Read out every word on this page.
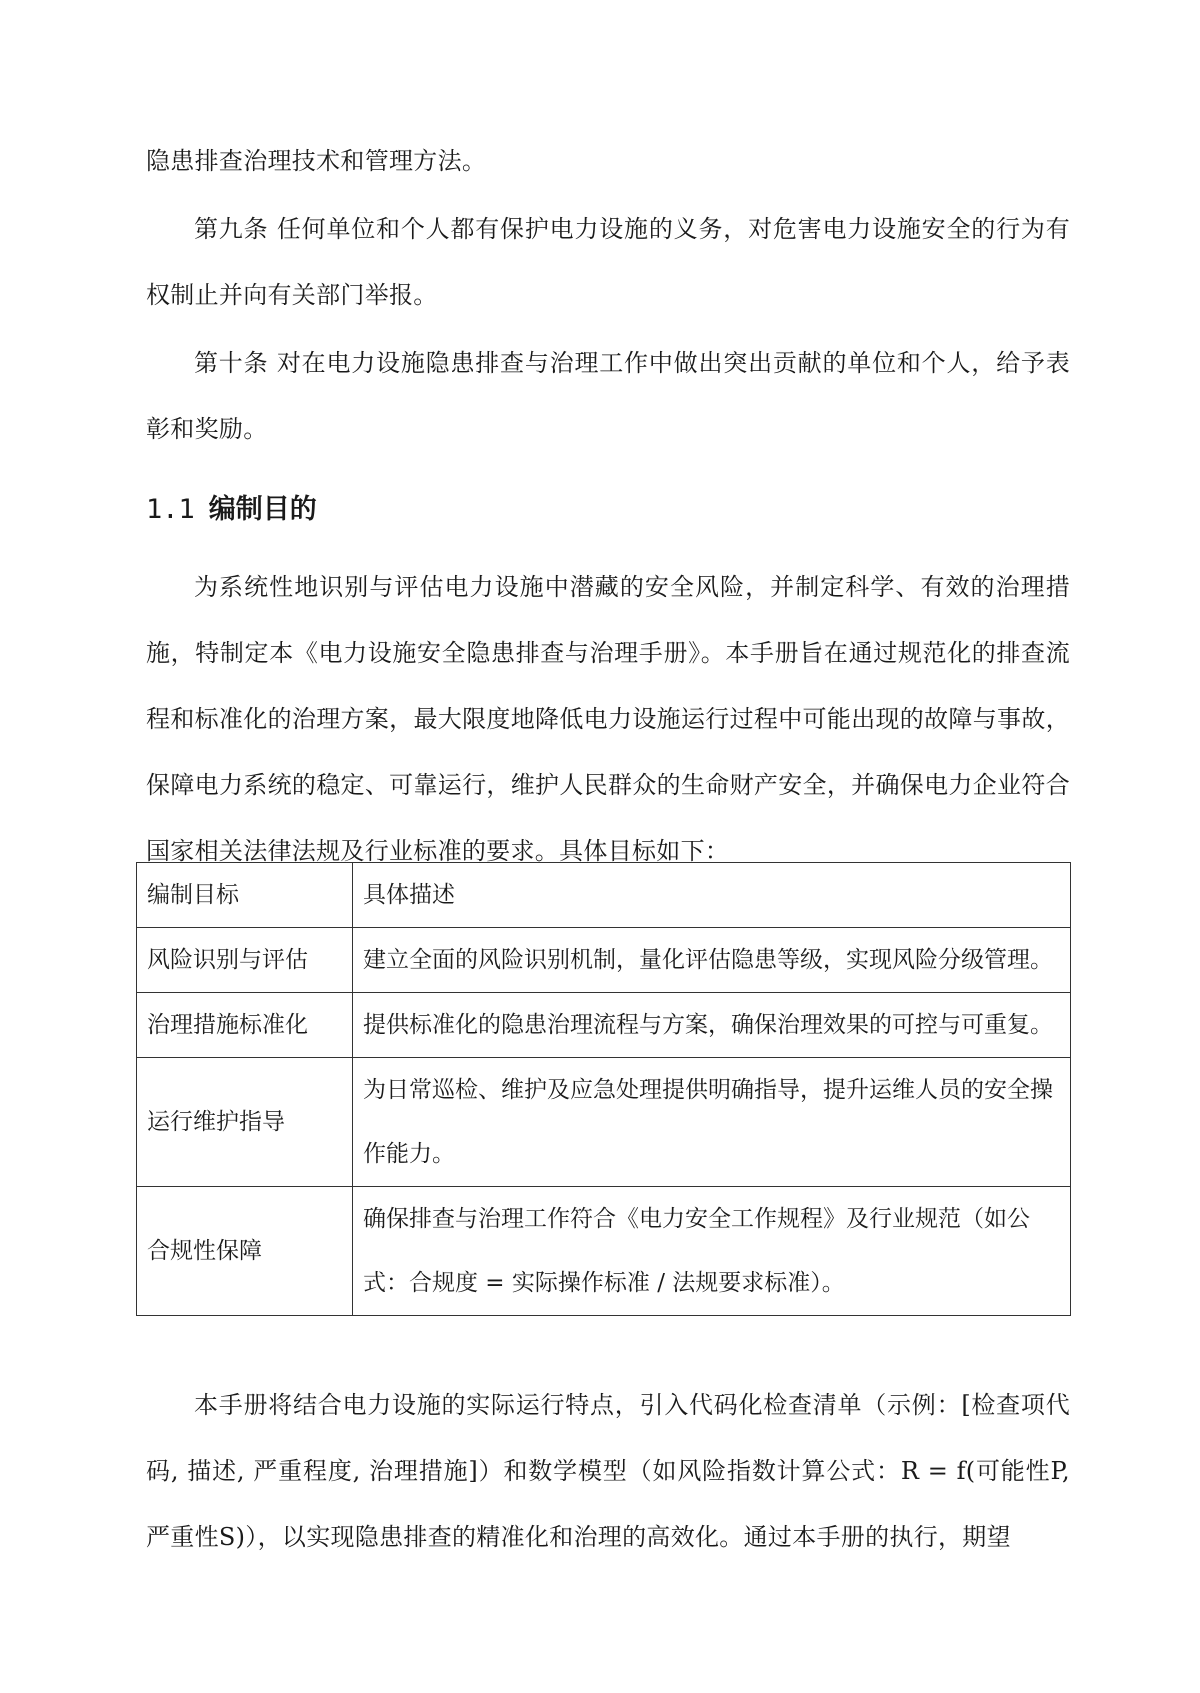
隐患排查治理技术和管理方法。

第九条 任何单位和个人都有保护电力设施的义务，对危害电力设施安全的行为有权制止并向有关部门举报。

第十条 对在电力设施隐患排查与治理工作中做出突出贡献的单位和个人，给予表彰和奖励。

1.1 编制目的

为系统性地识别与评估电力设施中潜藏的安全风险，并制定科学、有效的治理措施，特制定本《电力设施安全隐患排查与治理手册》。本手册旨在通过规范化的排查流程和标准化的治理方案，最大限度地降低电力设施运行过程中可能出现的故障与事故，保障电力系统的稳定、可靠运行，维护人民群众的生命财产安全，并确保电力企业符合国家相关法律法规及行业标准的要求。具体目标如下：

编制目标	具体描述
风险识别与评估	建立全面的风险识别机制，量化评估隐患等级，实现风险分级管理。
治理措施标准化	提供标准化的隐患治理流程与方案，确保治理效果的可控与可重复。
运行维护指导	为日常巡检、维护及应急处理提供明确指导，提升运维人员的安全操作能力。
合规性保障	确保排查与治理工作符合《电力安全工作规程》及行业规范（如公式：合规度 = 实际操作标准 / 法规要求标准）。

本手册将结合电力设施的实际运行特点，引入代码化检查清单（示例：[检查项代码, 描述, 严重程度, 治理措施]）和数学模型（如风险指数计算公式：R = f(可能性P, 严重性S)），以实现隐患排查的精准化和治理的高效化。通过本手册的执行，期望
